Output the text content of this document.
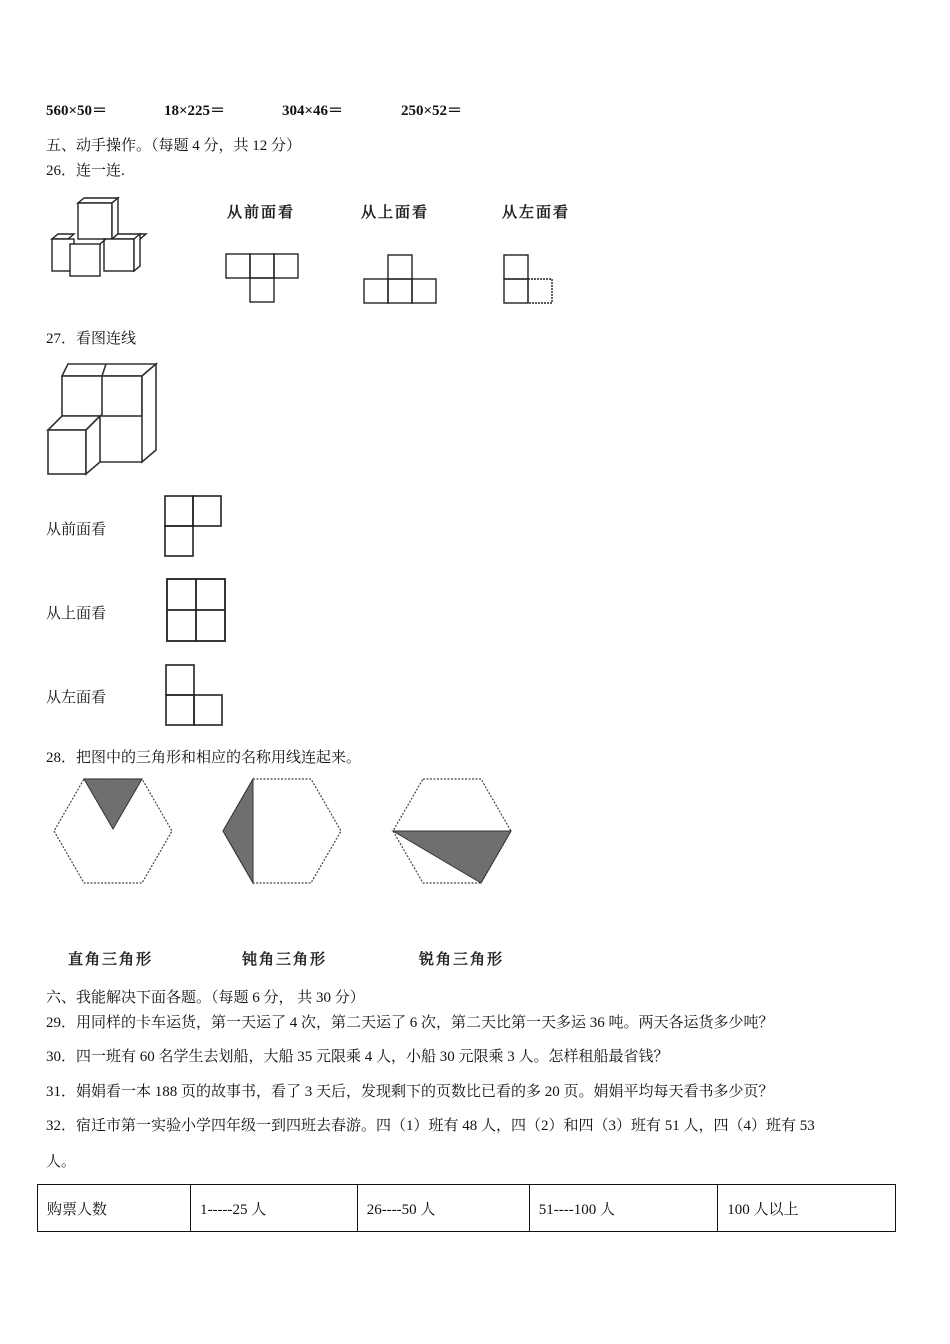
560×50＝	18×225＝	304×46＝	250×52＝
五、动手操作。（每题 4 分，共 12 分）
26．连一连.
从前面看	从上面看	从左面看
27．看图连线
从前面看
从上面看
从左面看
28．把图中的三角形和相应的名称用线连起来。
直角三角形	钝角三角形	锐角三角形
六、我能解决下面各题。（每题 6 分， 共 30 分）
29．用同样的卡车运货，第一天运了 4 次，第二天运了 6 次，第二天比第一天多运 36 吨。两天各运货多少吨？
30．四一班有 60 名学生去划船，大船 35 元限乘 4 人，小船 30 元限乘 3 人。怎样租船最省钱？
31．娟娟看一本 188 页的故事书，看了 3 天后，发现剩下的页数比已看的多 20 页。娟娟平均每天看书多少页？
32．宿迁市第一实验小学四年级一到四班去春游。四（1）班有 48 人，四（2）和四（3）班有 51 人，四（4）班有 53
人。
购票人数	1-----25 人	26----50 人	51----100 人	100 人以上
